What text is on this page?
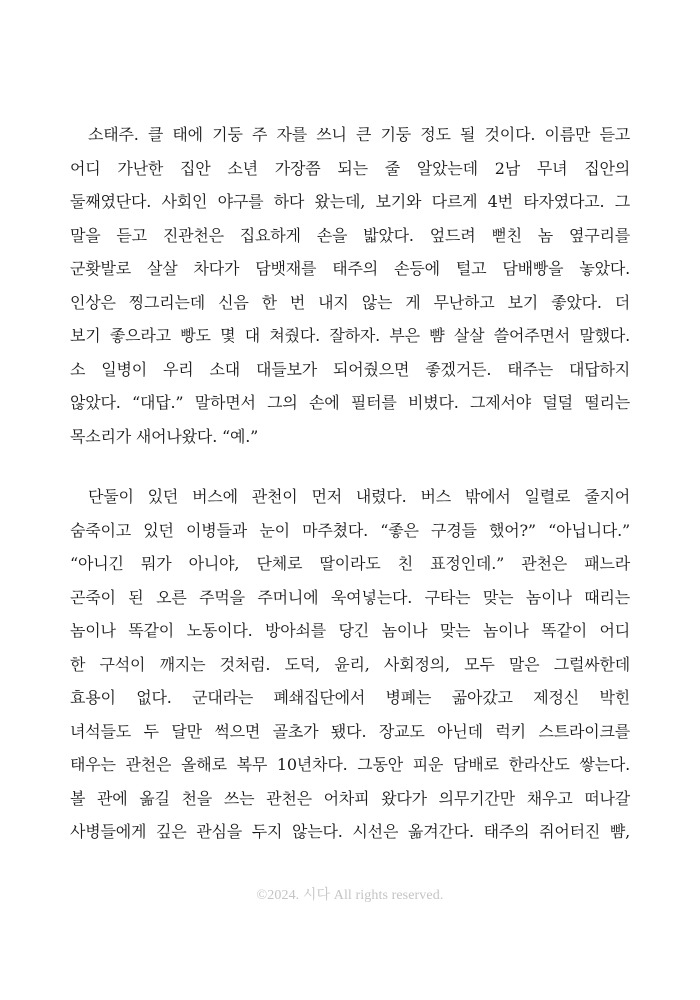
소태주. 클 태에 기둥 주 자를 쓰니 큰 기둥 정도 될 것이다. 이름만 듣고
어디 가난한 집안 소년 가장쯤 되는 줄 알았는데 2남 무녀 집안의
둘째였단다. 사회인 야구를 하다 왔는데, 보기와 다르게 4번 타자였다고. 그
말을 듣고 진관천은 집요하게 손을 밟았다. 엎드려 뻗친 놈 옆구리를
군홧발로 살살 차다가 담뱃재를 태주의 손등에 털고 담배빵을 놓았다.
인상은 찡그리는데 신음 한 번 내지 않는 게 무난하고 보기 좋았다. 더
보기 좋으라고 빵도 몇 대 쳐줬다. 잘하자. 부은 뺨 살살 쓸어주면서 말했다.
소 일병이 우리 소대 대들보가 되어줬으면 좋겠거든. 태주는 대답하지
않았다. “대답.” 말하면서 그의 손에 필터를 비볐다. 그제서야 덜덜 떨리는
목소리가 새어나왔다. “예.”
단둘이 있던 버스에 관천이 먼저 내렸다. 버스 밖에서 일렬로 줄지어
숨죽이고 있던 이병들과 눈이 마주쳤다. “좋은 구경들 했어?” “아닙니다.”
“아니긴 뭐가 아니야, 단체로 딸이라도 친 표정인데.” 관천은 패느라
곤죽이 된 오른 주먹을 주머니에 욱여넣는다. 구타는 맞는 놈이나 때리는
놈이나 똑같이 노동이다. 방아쇠를 당긴 놈이나 맞는 놈이나 똑같이 어디
한 구석이 깨지는 것처럼. 도덕, 윤리, 사회정의, 모두 말은 그럴싸한데
효용이 없다. 군대라는 폐쇄집단에서 병폐는 곪아갔고 제정신 박힌
녀석들도 두 달만 썩으면 골초가 됐다. 장교도 아닌데 럭키 스트라이크를
태우는 관천은 올해로 복무 10년차다. 그동안 피운 담배로 한라산도 쌓는다.
볼 관에 옮길 천을 쓰는 관천은 어차피 왔다가 의무기간만 채우고 떠나갈
사병들에게 깊은 관심을 두지 않는다. 시선은 옮겨간다. 태주의 쥐어터진 뺨,
©2024. 시다 All rights reserved.
